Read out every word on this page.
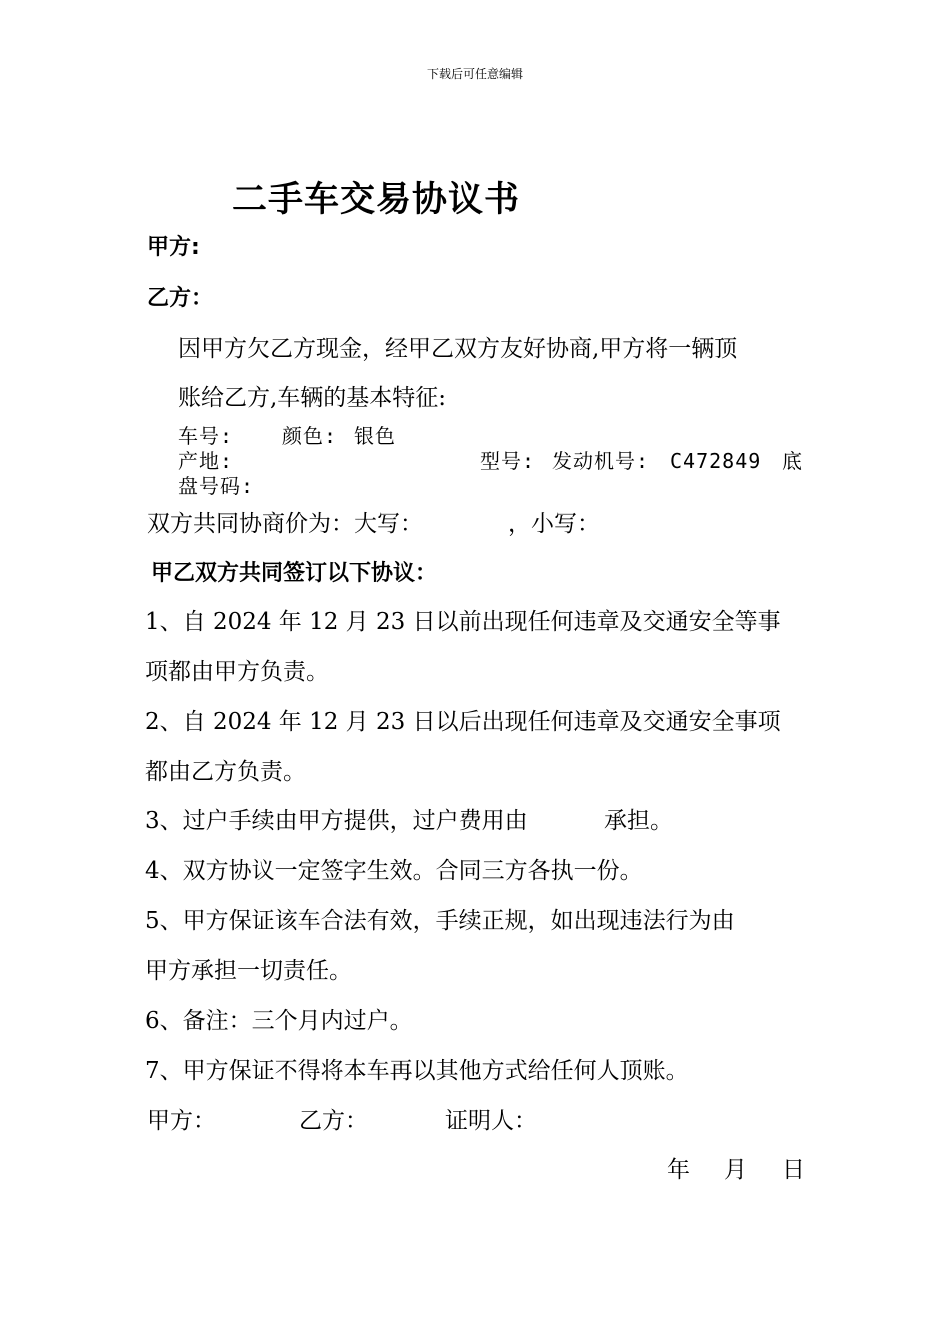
下载后可任意编辑
二手车交易协议书
甲方:
乙方：
因甲方欠乙方现金，经甲乙双方友好协商,甲方将一辆顶
账给乙方,车辆的基本特征:
车号: 颜色: 银色
产地:	型号: 发动机号: C472849 底
盘号码:
双方共同协商价为：大写：	，小写：
甲乙双方共同签订以下协议：
1、自 2024 年 12 月 23 日以前出现任何违章及交通安全等事
项都由甲方负责。
2、自 2024 年 12 月 23 日以后出现任何违章及交通安全事项
都由乙方负责。
3、过户手续由甲方提供，过户费用由	承担。
4、双方协议一定签字生效。合同三方各执一份。
5、甲方保证该车合法有效，手续正规，如出现违法行为由
甲方承担一切责任。
6、备注：三个月内过户。
7、甲方保证不得将本车再以其他方式给任何人顶账。
甲方：	乙方：	证明人：
年 月 日
